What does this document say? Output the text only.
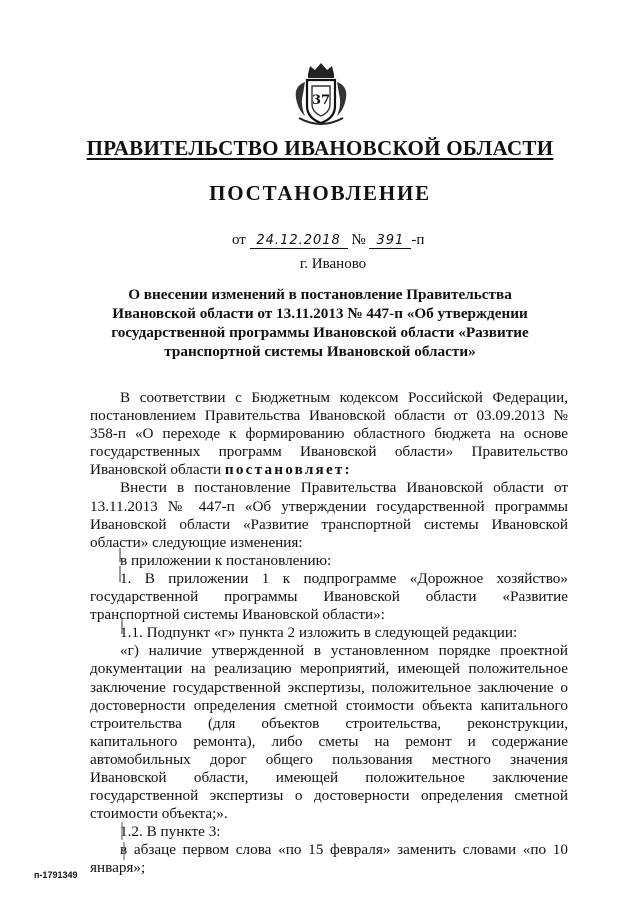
37
ПРАВИТЕЛЬСТВО ИВАНОВСКОЙ ОБЛАСТИ
ПОСТАНОВЛЕНИЕ
от 24.12.2018 № 391 -п
г. Иваново
О внесении изменений в постановление Правительства Ивановской области от 13.11.2013 № 447-п «Об утверждении государственной программы Ивановской области «Развитие транспортной системы Ивановской области»

В соответствии с Бюджетным кодексом Российской Федерации, постановлением Правительства Ивановской области от 03.09.2013 № 358-п «О переходе к формированию областного бюджета на основе государственных программ Ивановской области» Правительство Ивановской области постановляет:

Внести в постановление Правительства Ивановской области от 13.11.2013 № 447-п «Об утверждении государственной программы Ивановской области «Развитие транспортной системы Ивановской области» следующие изменения:

в приложении к постановлению:

1. В приложении 1 к подпрограмме «Дорожное хозяйство» государственной программы Ивановской области «Развитие транспортной системы Ивановской области»:

1.1. Подпункт «г» пункта 2 изложить в следующей редакции:

«г) наличие утвержденной в установленном порядке проектной документации на реализацию мероприятий, имеющей положительное заключение государственной экспертизы, положительное заключение о достоверности определения сметной стоимости объекта капитального строительства (для объектов строительства, реконструкции, капитального ремонта), либо сметы на ремонт и содержание автомобильных дорог общего пользования местного значения Ивановской области, имеющей положительное заключение государственной экспертизы о достоверности определения сметной стоимости объекта;».

1.2. В пункте 3:

в абзаце первом слова «по 15 февраля» заменить словами «по 10 января»;

п-1791349
